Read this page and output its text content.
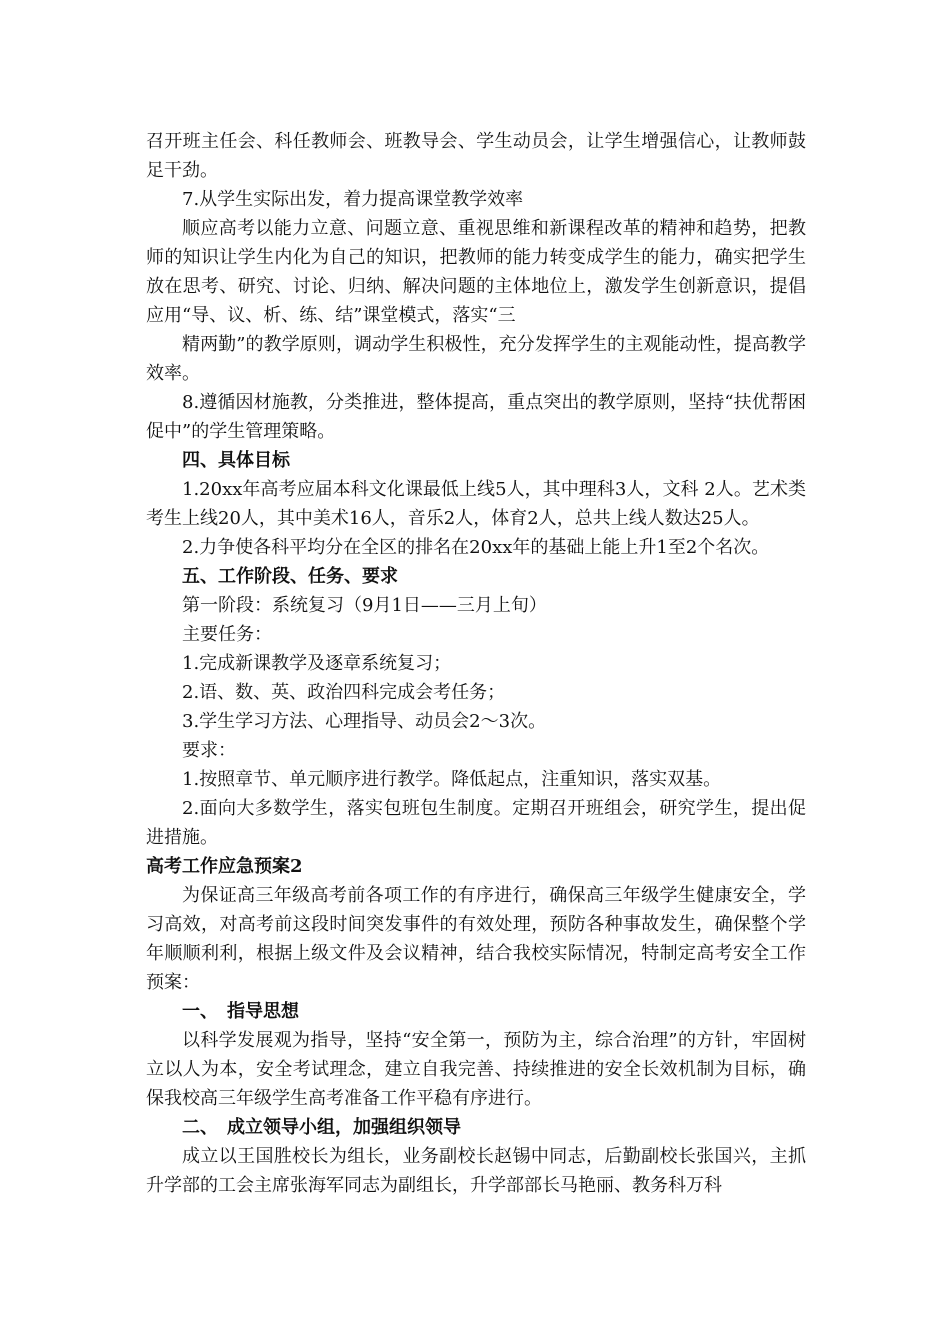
召开班主任会、科任教师会、班教导会、学生动员会，让学生增强信心，让教师鼓足干劲。

7.从学生实际出发，着力提高课堂教学效率

顺应高考以能力立意、问题立意、重视思维和新课程改革的精神和趋势，把教师的知识让学生内化为自己的知识，把教师的能力转变成学生的能力，确实把学生放在思考、研究、讨论、归纳、解决问题的主体地位上，激发学生创新意识，提倡应用“导、议、析、练、结”课堂模式，落实“三

精两勤”的教学原则，调动学生积极性，充分发挥学生的主观能动性，提高教学效率。

8.遵循因材施教，分类推进，整体提高，重点突出的教学原则，坚持“扶优帮困促中”的学生管理策略。

四、具体目标

1.20xx年高考应届本科文化课最低上线5人，其中理科3人，文科 2人。艺术类考生上线20人，其中美术16人，音乐2人，体育2人，总共上线人数达25人。

2.力争使各科平均分在全区的排名在20xx年的基础上能上升1至2个名次。

五、工作阶段、任务、要求

第一阶段：系统复习（9月1日——三月上旬）

主要任务：

1.完成新课教学及逐章系统复习；

2.语、数、英、政治四科完成会考任务；

3.学生学习方法、心理指导、动员会2～3次。

要求：

1.按照章节、单元顺序进行教学。降低起点，注重知识，落实双基。

2.面向大多数学生，落实包班包生制度。定期召开班组会，研究学生，提出促进措施。

高考工作应急预案2

为保证高三年级高考前各项工作的有序进行，确保高三年级学生健康安全，学习高效，对高考前这段时间突发事件的有效处理，预防各种事故发生，确保整个学年顺顺利利，根据上级文件及会议精神，结合我校实际情况，特制定高考安全工作预案：

一、　指导思想

以科学发展观为指导，坚持“安全第一，预防为主，综合治理”的方针，牢固树立以人为本，安全考试理念，建立自我完善、持续推进的安全长效机制为目标，确保我校高三年级学生高考准备工作平稳有序进行。

二、　成立领导小组，加强组织领导

成立以王国胜校长为组长，业务副校长赵锡中同志，后勤副校长张国兴，主抓升学部的工会主席张海军同志为副组长，升学部部长马艳丽、教务科万科
